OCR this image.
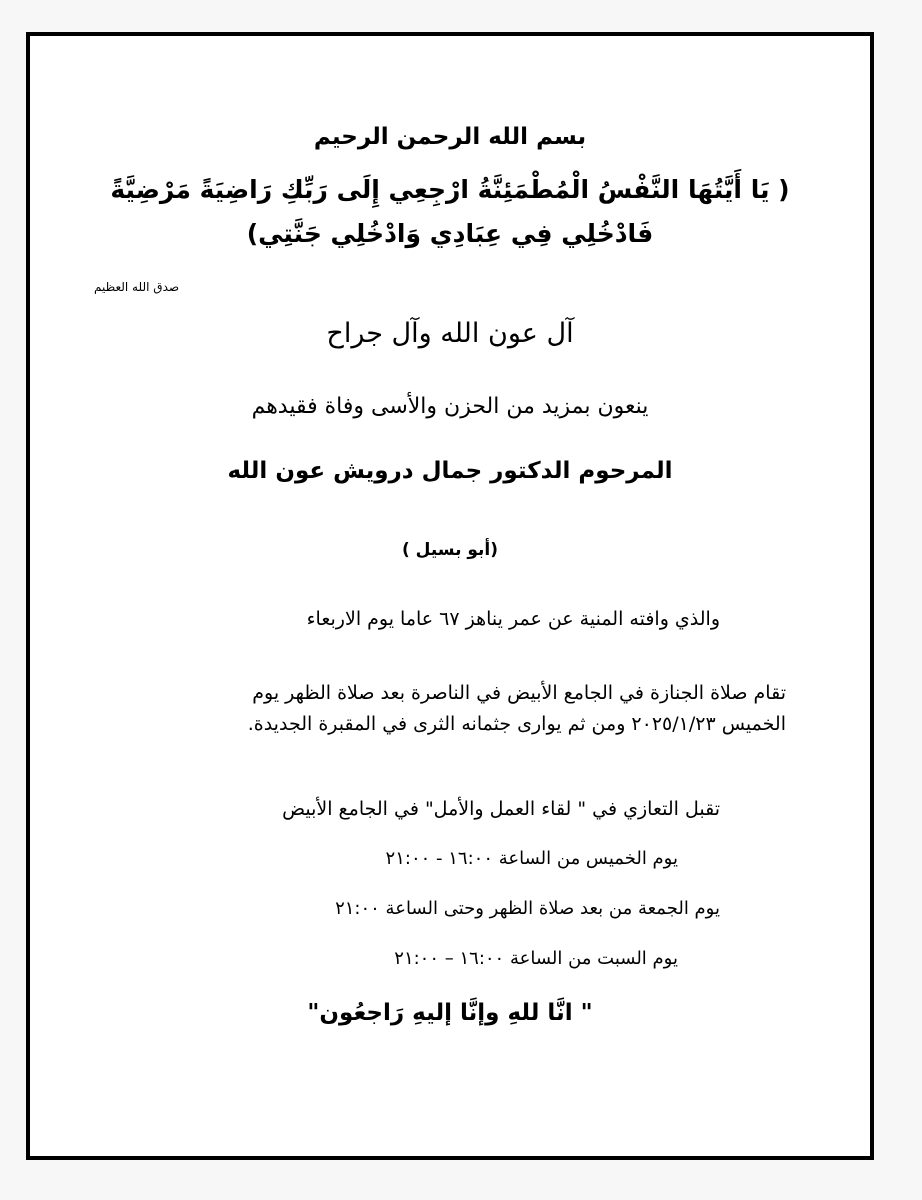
بسم الله الرحمن الرحيم
( يَا أَيَّتُهَا النَّفْسُ الْمُطْمَئِنَّةُ ارْجِعِي إِلَى رَبِّكِ رَاضِيَةً مَرْضِيَّةً
فَادْخُلِي فِي عِبَادِي وَادْخُلِي جَنَّتِي)
صدق الله العظيم
آل عون الله وآل جراح
ينعون بمزيد من الحزن والأسى وفاة فقيدهم
المرحوم الدكتور جمال درويش عون الله
(أبو بسيل )
والذي وافته المنية عن عمر يناهز ٦٧ عاما يوم الاربعاء
تقام صلاة الجنازة في الجامع الأبيض في الناصرة بعد صلاة الظهر يوم
الخميس ٢٠٢٥/١/٢٣ ومن ثم يوارى جثمانه الثرى في المقبرة الجديدة.
تقبل التعازي في " لقاء العمل والأمل" في الجامع الأبيض
يوم الخميس من الساعة ١٦:٠٠ - ٢١:٠٠
يوم الجمعة من بعد صلاة الظهر وحتى الساعة ٢١:٠٠
يوم السبت من الساعة ١٦:٠٠ – ٢١:٠٠
" انَّا للهِ وإنَّا إليهِ رَاجعُون"
